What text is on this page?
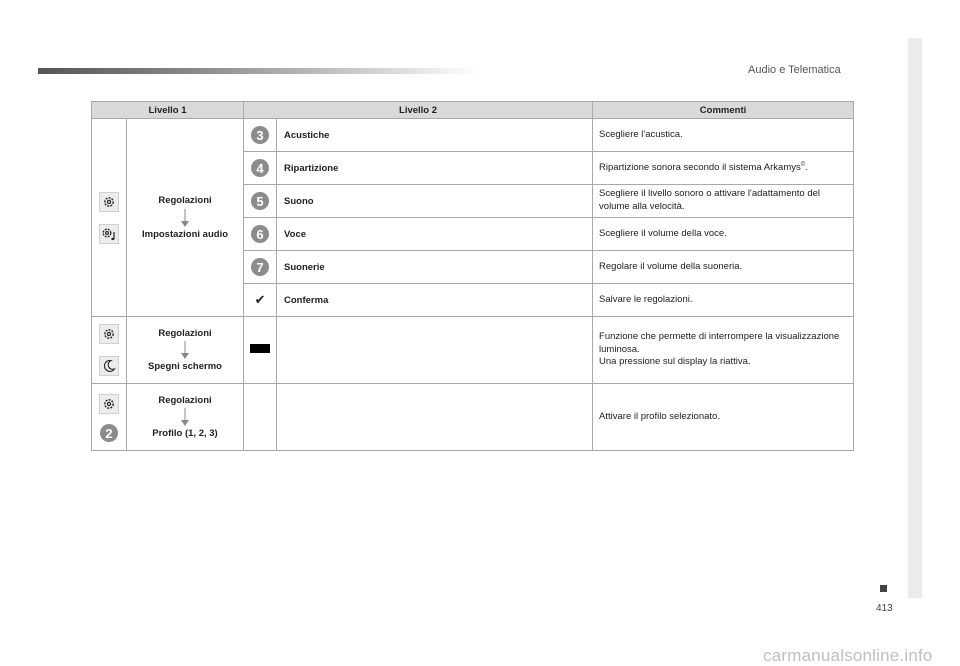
Audio e Telematica
413
carmanualsonline.info
Livello 1		Livello 2		Commenti

Regolazioni
Impostazioni audio	3	Acustiche	Scegliere l'acustica.
		4	Ripartizione	Ripartizione sonora secondo il sistema Arkamys©.
		5	Suono	Scegliere il livello sonoro o attivare l'adattamento del volume alla velocità.
		6	Voce	Scegliere il volume della voce.
		7	Suonerie	Regolare il volume della suoneria.
		✔	Conferma	Salvare le regolazioni.

Regolazioni
Spegni schermo			Funzione che permette di interrompere la visualizzazione luminosa.
Una pressione sul display la riattiva.

2	Regolazioni
Profilo (1, 2, 3)			Attivare il profilo selezionato.
